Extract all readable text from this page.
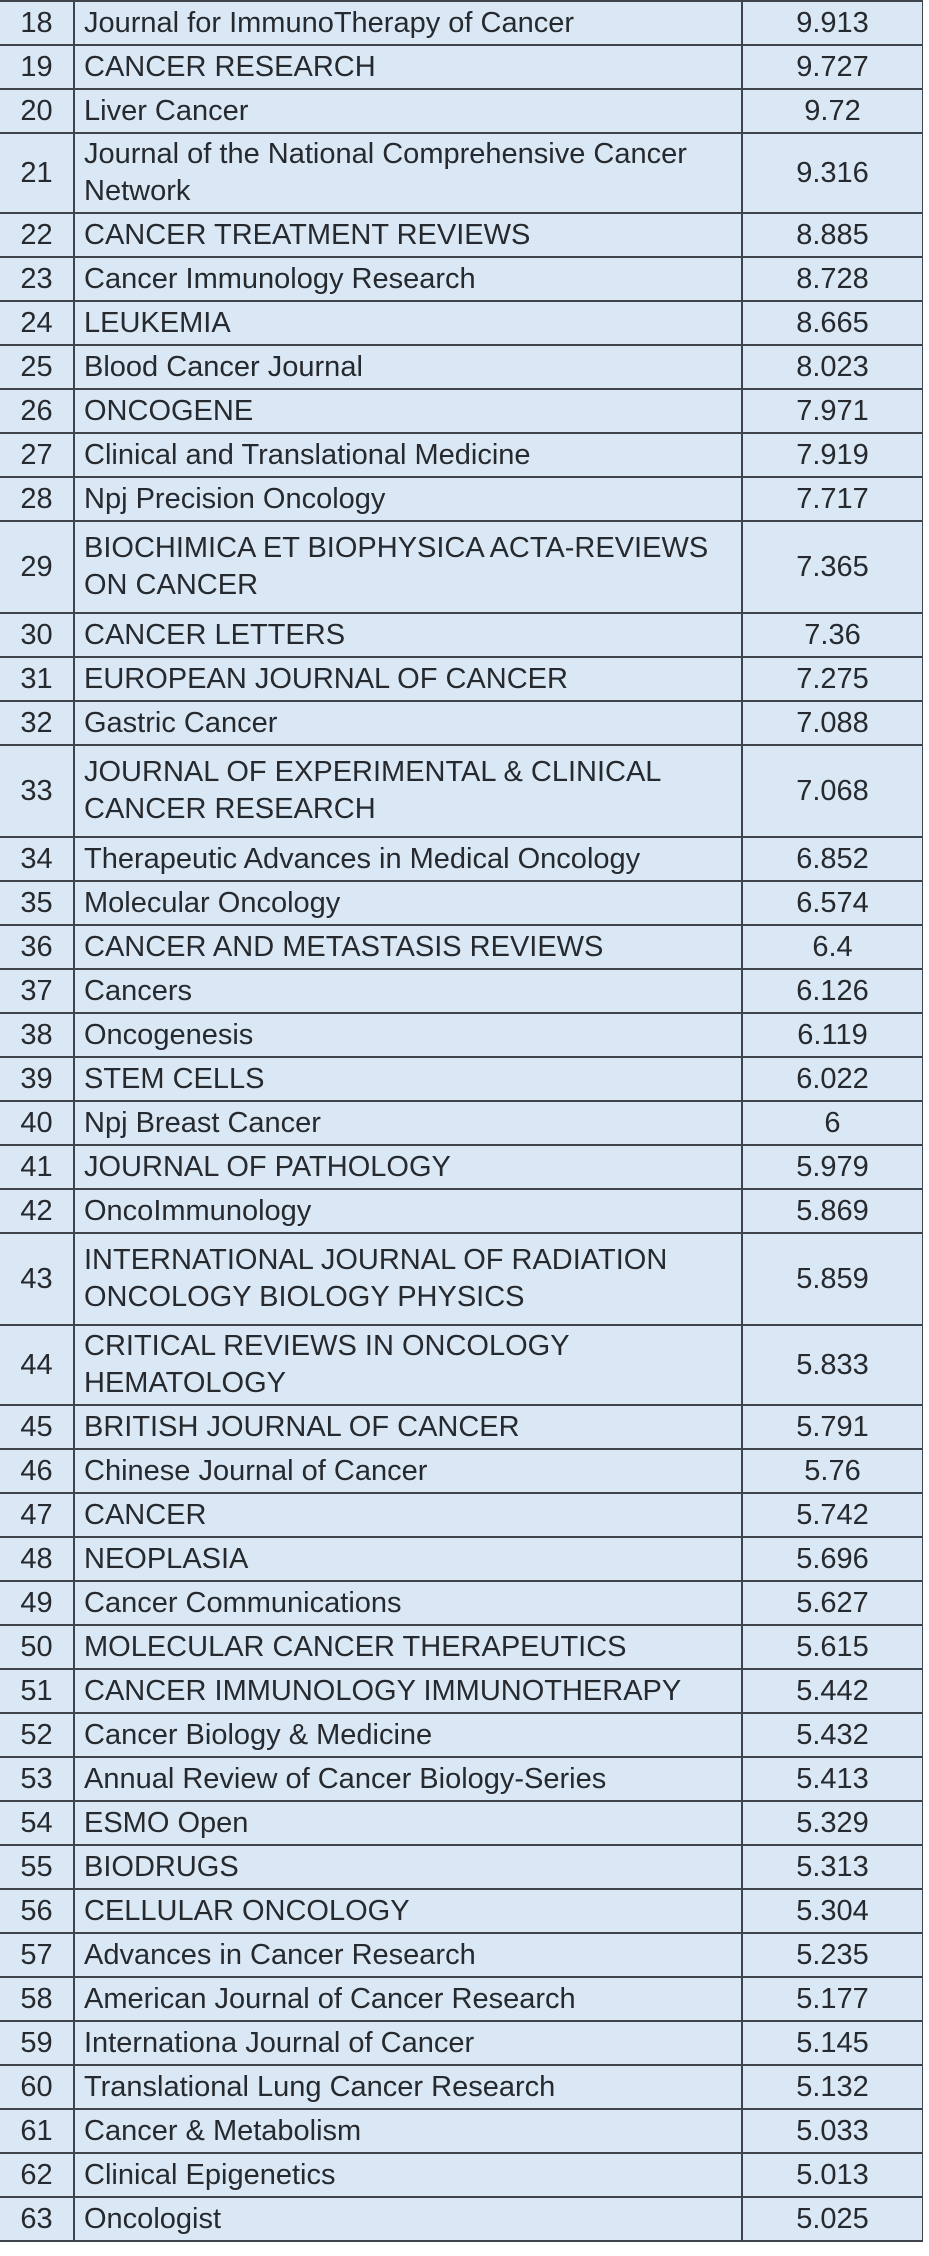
18	Journal for ImmunoTherapy of Cancer	9.913
19	CANCER RESEARCH	9.727
20	Liver Cancer	9.72
21	Journal of the National Comprehensive Cancer Network	9.316
22	CANCER TREATMENT REVIEWS	8.885
23	Cancer Immunology Research	8.728
24	LEUKEMIA	8.665
25	Blood Cancer Journal	8.023
26	ONCOGENE	7.971
27	Clinical and Translational Medicine	7.919
28	Npj Precision Oncology	7.717
29	BIOCHIMICA ET BIOPHYSICA ACTA-REVIEWS ON CANCER	7.365
30	CANCER LETTERS	7.36
31	EUROPEAN JOURNAL OF CANCER	7.275
32	Gastric Cancer	7.088
33	JOURNAL OF EXPERIMENTAL & CLINICAL CANCER RESEARCH	7.068
34	Therapeutic Advances in Medical Oncology	6.852
35	Molecular Oncology	6.574
36	CANCER AND METASTASIS REVIEWS	6.4
37	Cancers	6.126
38	Oncogenesis	6.119
39	STEM CELLS	6.022
40	Npj Breast Cancer	6
41	JOURNAL OF PATHOLOGY	5.979
42	OncoImmunology	5.869
43	INTERNATIONAL JOURNAL OF RADIATION ONCOLOGY BIOLOGY PHYSICS	5.859
44	CRITICAL REVIEWS IN ONCOLOGY HEMATOLOGY	5.833
45	BRITISH JOURNAL OF CANCER	5.791
46	Chinese Journal of Cancer	5.76
47	CANCER	5.742
48	NEOPLASIA	5.696
49	Cancer Communications	5.627
50	MOLECULAR CANCER THERAPEUTICS	5.615
51	CANCER IMMUNOLOGY IMMUNOTHERAPY	5.442
52	Cancer Biology & Medicine	5.432
53	Annual Review of Cancer Biology-Series	5.413
54	ESMO Open	5.329
55	BIODRUGS	5.313
56	CELLULAR ONCOLOGY	5.304
57	Advances in Cancer Research	5.235
58	American Journal of Cancer Research	5.177
59	Internationa Journal of Cancer	5.145
60	Translational Lung Cancer Research	5.132
61	Cancer & Metabolism	5.033
62	Clinical Epigenetics	5.013
63	Oncologist	5.025
